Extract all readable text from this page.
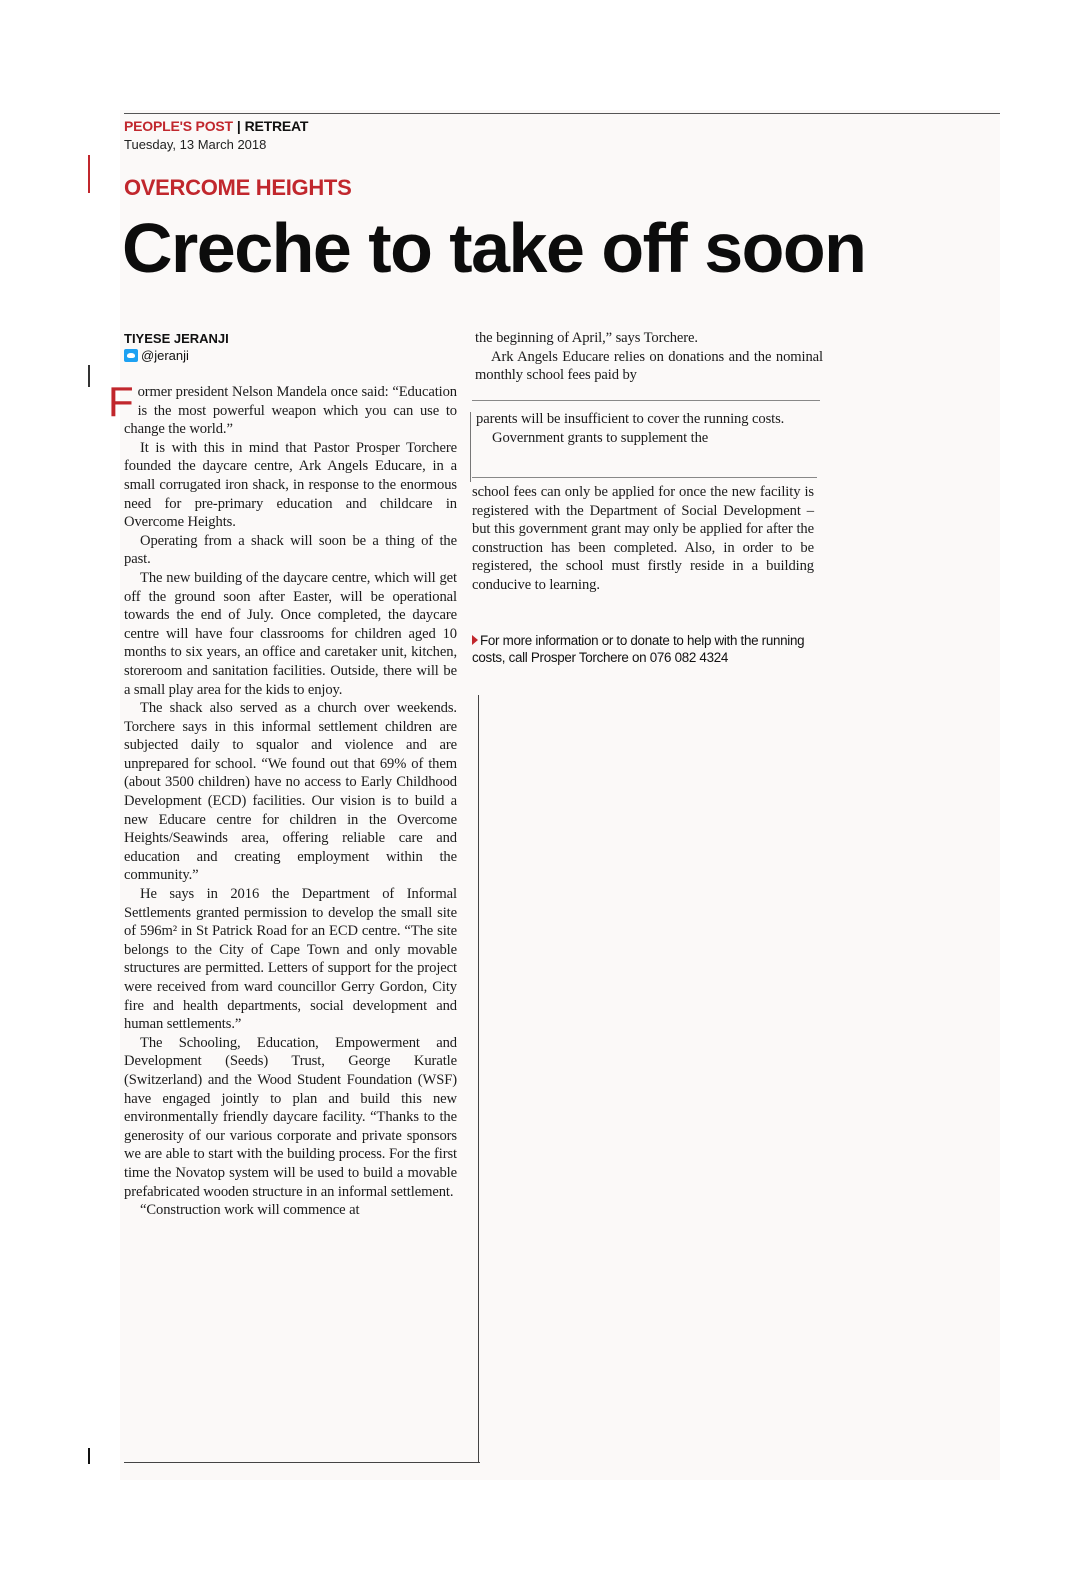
PEOPLE'S POST | RETREAT
Tuesday, 13 March 2018
OVERCOME HEIGHTS
Creche to take off soon
TIYESE JERANJI
@jeranji

Former president Nelson Mandela once said: “Education is the most powerful weapon which you can use to change the world.”

It is with this in mind that Pastor Prosper Torchere founded the daycare centre, Ark Angels Educare, in a small corrugated iron shack, in response to the enormous need for pre-primary education and childcare in Overcome Heights.

Operating from a shack will soon be a thing of the past.

The new building of the daycare centre, which will get off the ground soon after Easter, will be operational towards the end of July. Once completed, the daycare centre will have four classrooms for children aged 10 months to six years, an office and caretaker unit, kitchen, storeroom and sanitation facilities. Outside, there will be a small play area for the kids to enjoy.

The shack also served as a church over weekends. Torchere says in this informal settlement children are subjected daily to squalor and violence and are unprepared for school. “We found out that 69% of them (about 3500 children) have no access to Early Childhood Development (ECD) facilities. Our vision is to build a new Educare centre for children in the Overcome Heights/Seawinds area, offering reliable care and education and creating employment within the community.”

He says in 2016 the Department of Informal Settlements granted permission to develop the small site of 596m² in St Patrick Road for an ECD centre. “The site belongs to the City of Cape Town and only movable structures are permitted. Letters of support for the project were received from ward councillor Gerry Gordon, City fire and health departments, social development and human settlements.”

The Schooling, Education, Empowerment and Development (Seeds) Trust, George Kuratle (Switzerland) and the Wood Student Foundation (WSF) have engaged jointly to plan and build this new environmentally friendly daycare facility. “Thanks to the generosity of our various corporate and private sponsors we are able to start with the building process. For the first time the Novatop system will be used to build a movable prefabricated wooden structure in an informal settlement.

“Construction work will commence at

the beginning of April,” says Torchere.

Ark Angels Educare relies on donations and the nominal monthly school fees paid by

parents will be insufficient to cover the running costs.

Government grants to supplement the

school fees can only be applied for once the new facility is registered with the Department of Social Development – but this government grant may only be applied for after the construction has been completed. Also, in order to be registered, the school must firstly reside in a building conducive to learning.

For more information or to donate to help with the running costs, call Prosper Torchere on 076 082 4324
